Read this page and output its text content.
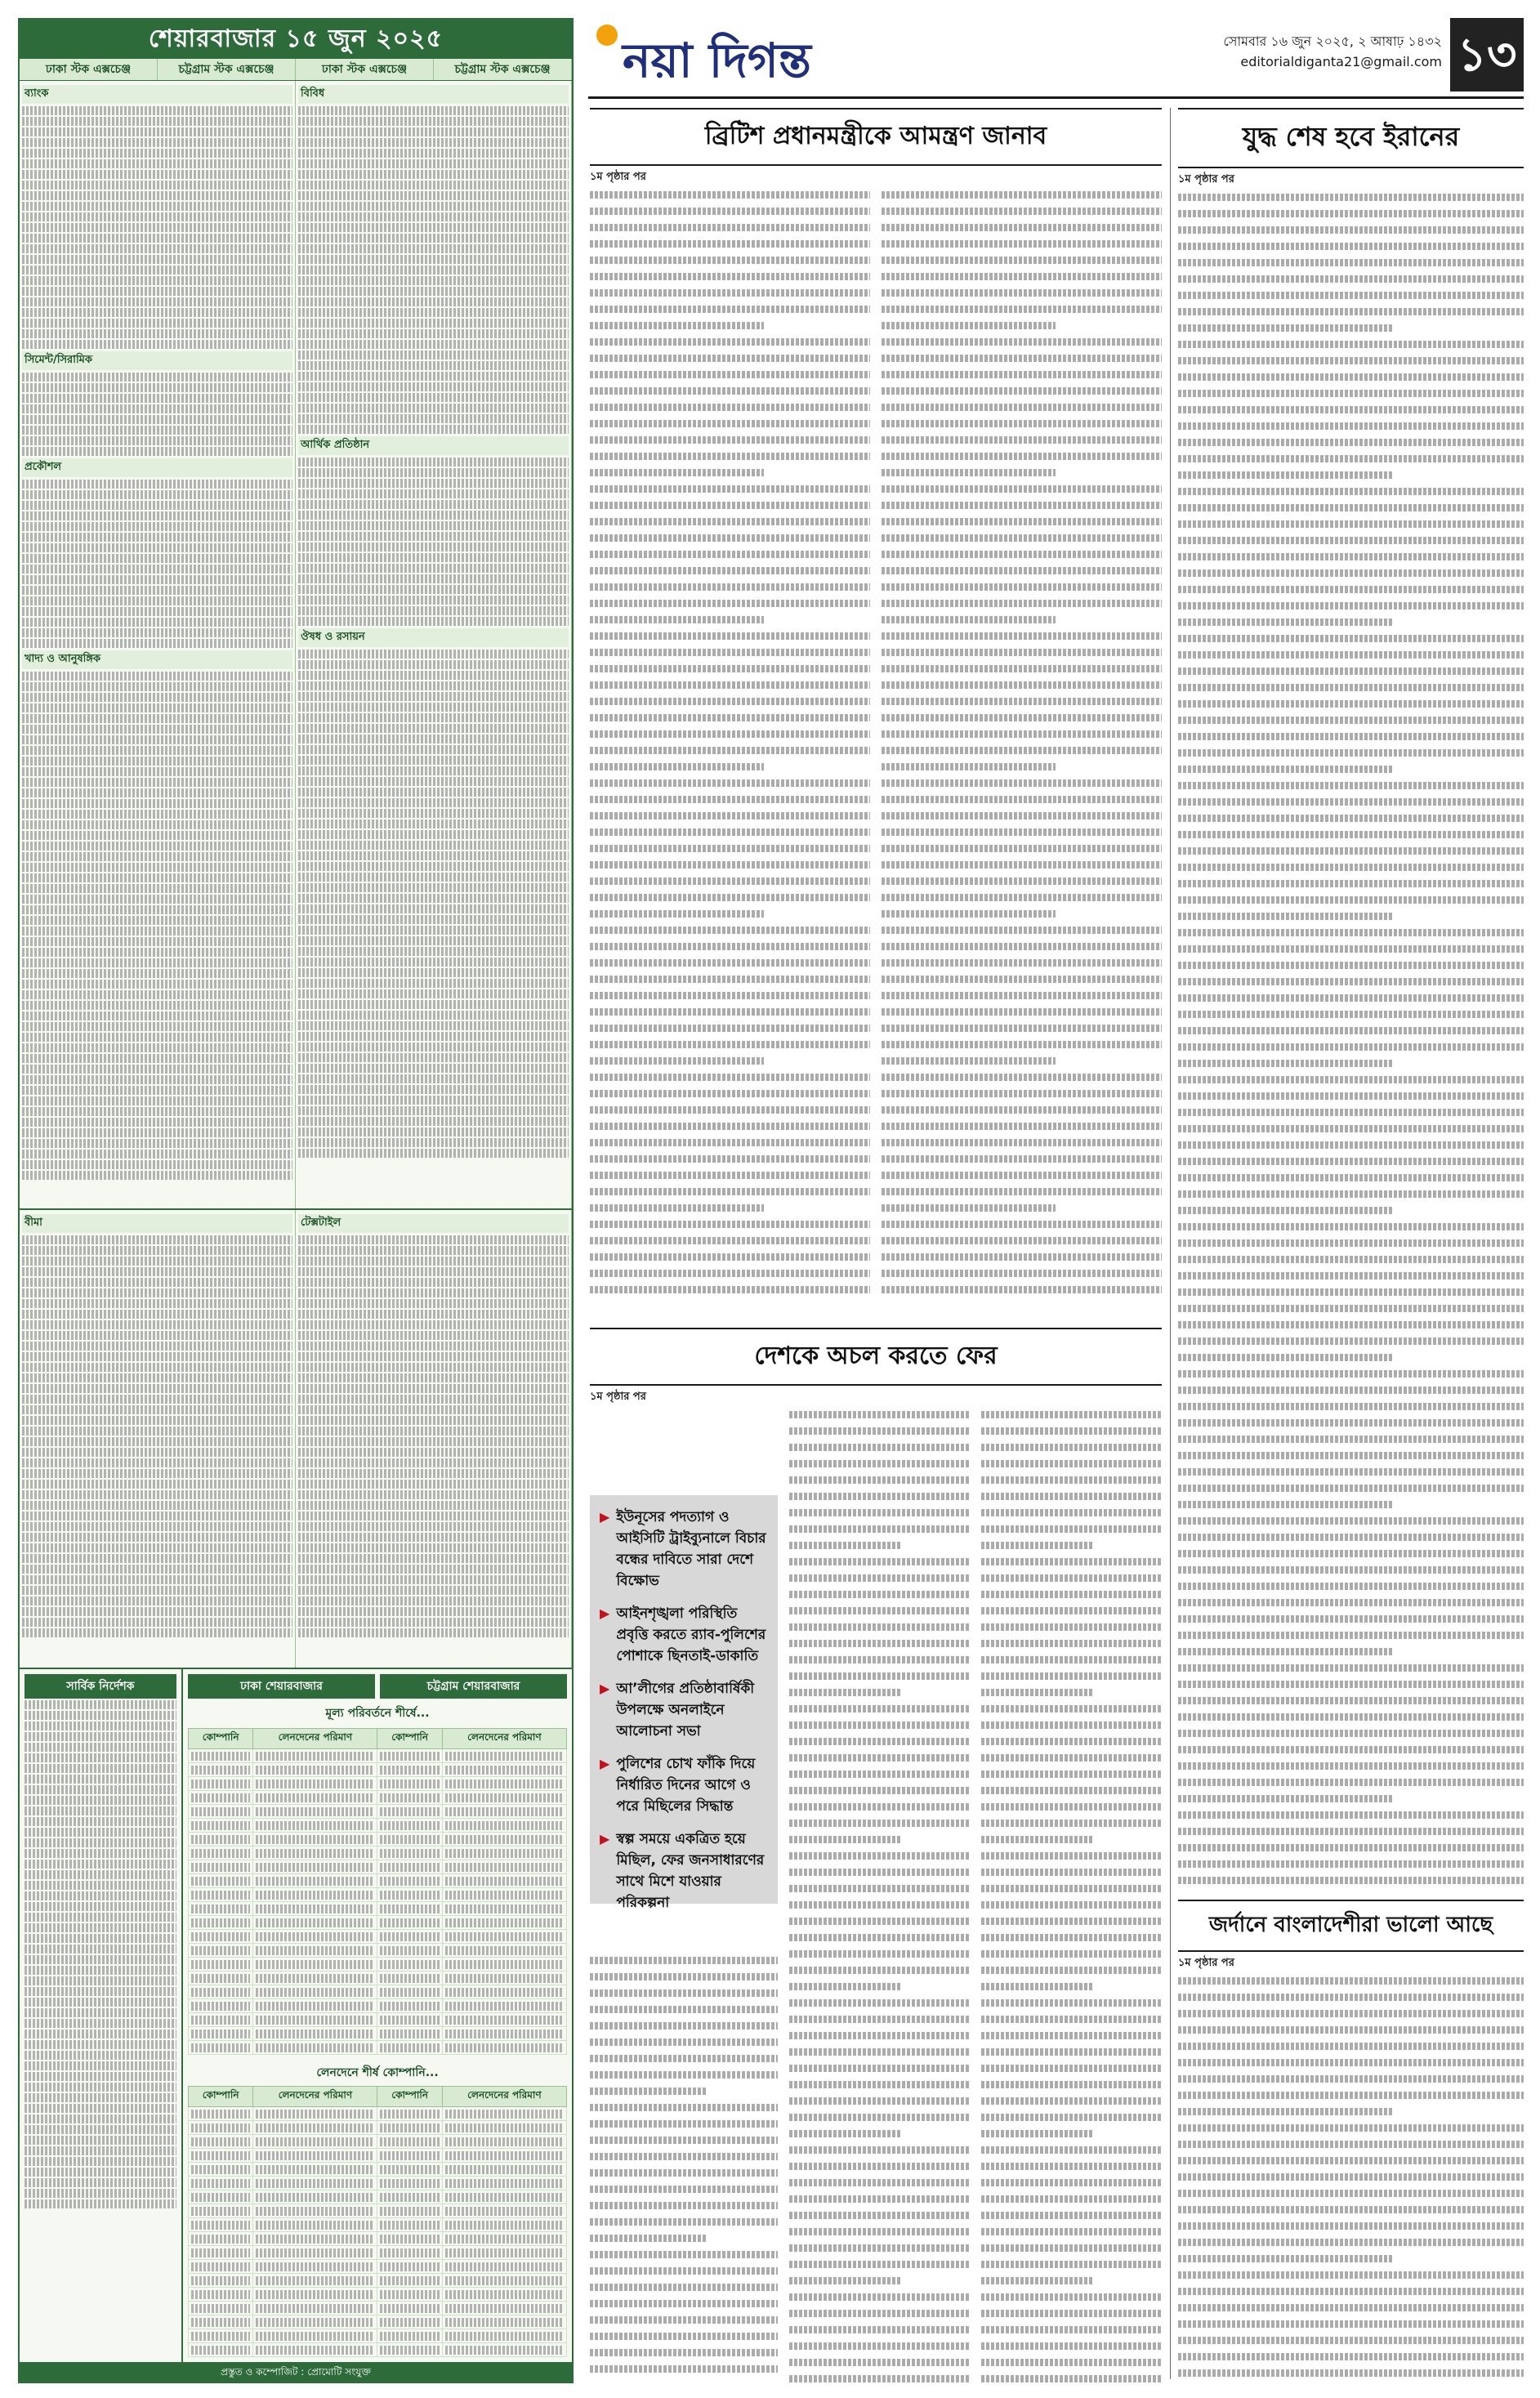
শেয়ারবাজার ১৫ জুন ২০২৫
ঢাকা স্টক এক্সচেঞ্জ	চট্টগ্রাম স্টক এক্সচেঞ্জ	ঢাকা স্টক এক্সচেঞ্জ	চট্টগ্রাম স্টক এক্সচেঞ্জ
ব্যাংক
সিমেন্ট/সিরামিক
প্রকৌশল
খাদ্য ও আনুষঙ্গিক
বিবিধ
আর্থিক প্রতিষ্ঠান
ঔষধ ও রসায়ন
বীমা	টেক্সটাইল
সার্বিক নির্দেশক	ঢাকা শেয়ারবাজার	চট্টগ্রাম শেয়ারবাজার
মূল্য পরিবর্তনে শীর্ষে...
কোম্পানি	লেনদেনের পরিমাণ	কোম্পানি	লেনদেনের পরিমাণ

লেনদেনে শীর্ষ কোম্পানি...
কোম্পানি	লেনদেনের পরিমাণ	কোম্পানি	লেনদেনের পরিমাণ

প্রস্তুত ও কম্পোজিট : প্রোমোটি সংযুক্ত
নয়া দিগন্ত	সোমবার ১৬ জুন ২০২৫, ২ আষাঢ় ১৪৩২
editorialdiganta21@gmail.com ১৩
ব্রিটিশ প্রধানমন্ত্রীকে আমন্ত্রণ জানাব
১ম পৃষ্ঠার পর
যুদ্ধ শেষ হবে ইরানের
১ম পৃষ্ঠার পর
দেশকে অচল করতে ফের
১ম পৃষ্ঠার পর
▶ ইউনূসের পদত্যাগ ও আইসিটি ট্রাইব্যুনালে বিচার বন্ধের দাবিতে সারা দেশে বিক্ষোভ
▶ আইনশৃঙ্খলা পরিস্থিতি প্রবৃত্তি করতে র‌্যাব-পুলিশের পোশাকে ছিনতাই-ডাকাতি
▶ আ’লীগের প্রতিষ্ঠাবার্ষিকী উপলক্ষে অনলাইনে আলোচনা সভা
▶ পুলিশের চোখ ফাঁকি দিয়ে নির্ধারিত দিনের আগে ও পরে মিছিলের সিদ্ধান্ত
▶ স্বল্প সময়ে একত্রিত হয়ে মিছিল, ফের জনসাধারণের সাথে মিশে যাওয়ার পরিকল্পনা
জর্দানে বাংলাদেশীরা ভালো আছে
১ম পৃষ্ঠার পর
